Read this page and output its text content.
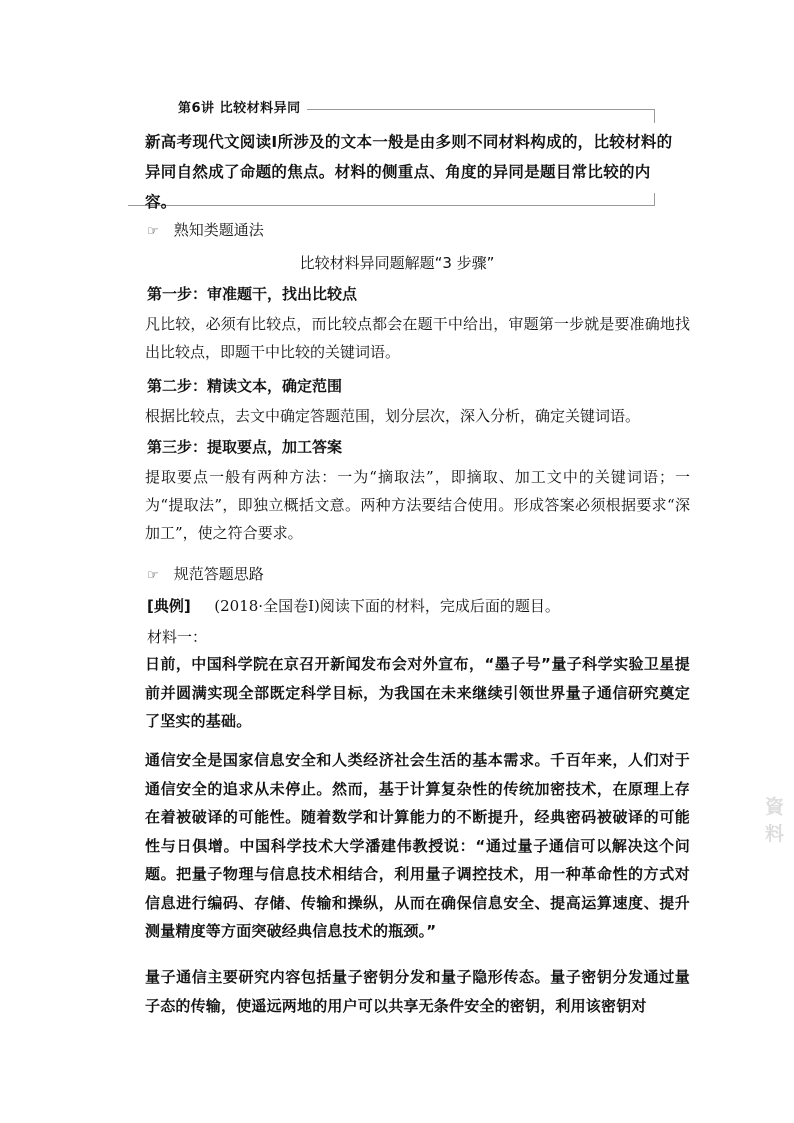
第6讲 比较材料异同
新高考现代文阅读Ⅰ所涉及的文本一般是由多则不同材料构成的，比较材料的异同自然成了命题的焦点。材料的侧重点、角度的异同是题目常比较的内容。
☞ 熟知类题通法
比较材料异同题解题“3 步骤”
第一步：审准题干，找出比较点
凡比较，必须有比较点，而比较点都会在题干中给出，审题第一步就是要准确地找出比较点，即题干中比较的关键词语。
第二步：精读文本，确定范围
根据比较点，去文中确定答题范围，划分层次，深入分析，确定关键词语。
第三步：提取要点，加工答案
提取要点一般有两种方法：一为“摘取法”，即摘取、加工文中的关键词语；一为“提取法”，即独立概括文意。两种方法要结合使用。形成答案必须根据要求“深加工”，使之符合要求。
☞ 规范答题思路
[典例] (2018·全国卷Ⅰ)阅读下面的材料，完成后面的题目。
材料一：
日前，中国科学院在京召开新闻发布会对外宣布，“墨子号”量子科学实验卫星提前并圆满实现全部既定科学目标，为我国在未来继续引领世界量子通信研究奠定了坚实的基础。
通信安全是国家信息安全和人类经济社会生活的基本需求。千百年来，人们对于通信安全的追求从未停止。然而，基于计算复杂性的传统加密技术，在原理上存在着被破译的可能性。随着数学和计算能力的不断提升，经典密码被破译的可能性与日俱增。中国科学技术大学潘建伟教授说：“通过量子通信可以解决这个问题。把量子物理与信息技术相结合，利用量子调控技术，用一种革命性的方式对信息进行编码、存储、传输和操纵，从而在确保信息安全、提高运算速度、提升测量精度等方面突破经典信息技术的瓶颈。”
量子通信主要研究内容包括量子密钥分发和量子隐形传态。量子密钥分发通过量子态的传输，使遥远两地的用户可以共享无条件安全的密钥，利用该密钥对
資料
